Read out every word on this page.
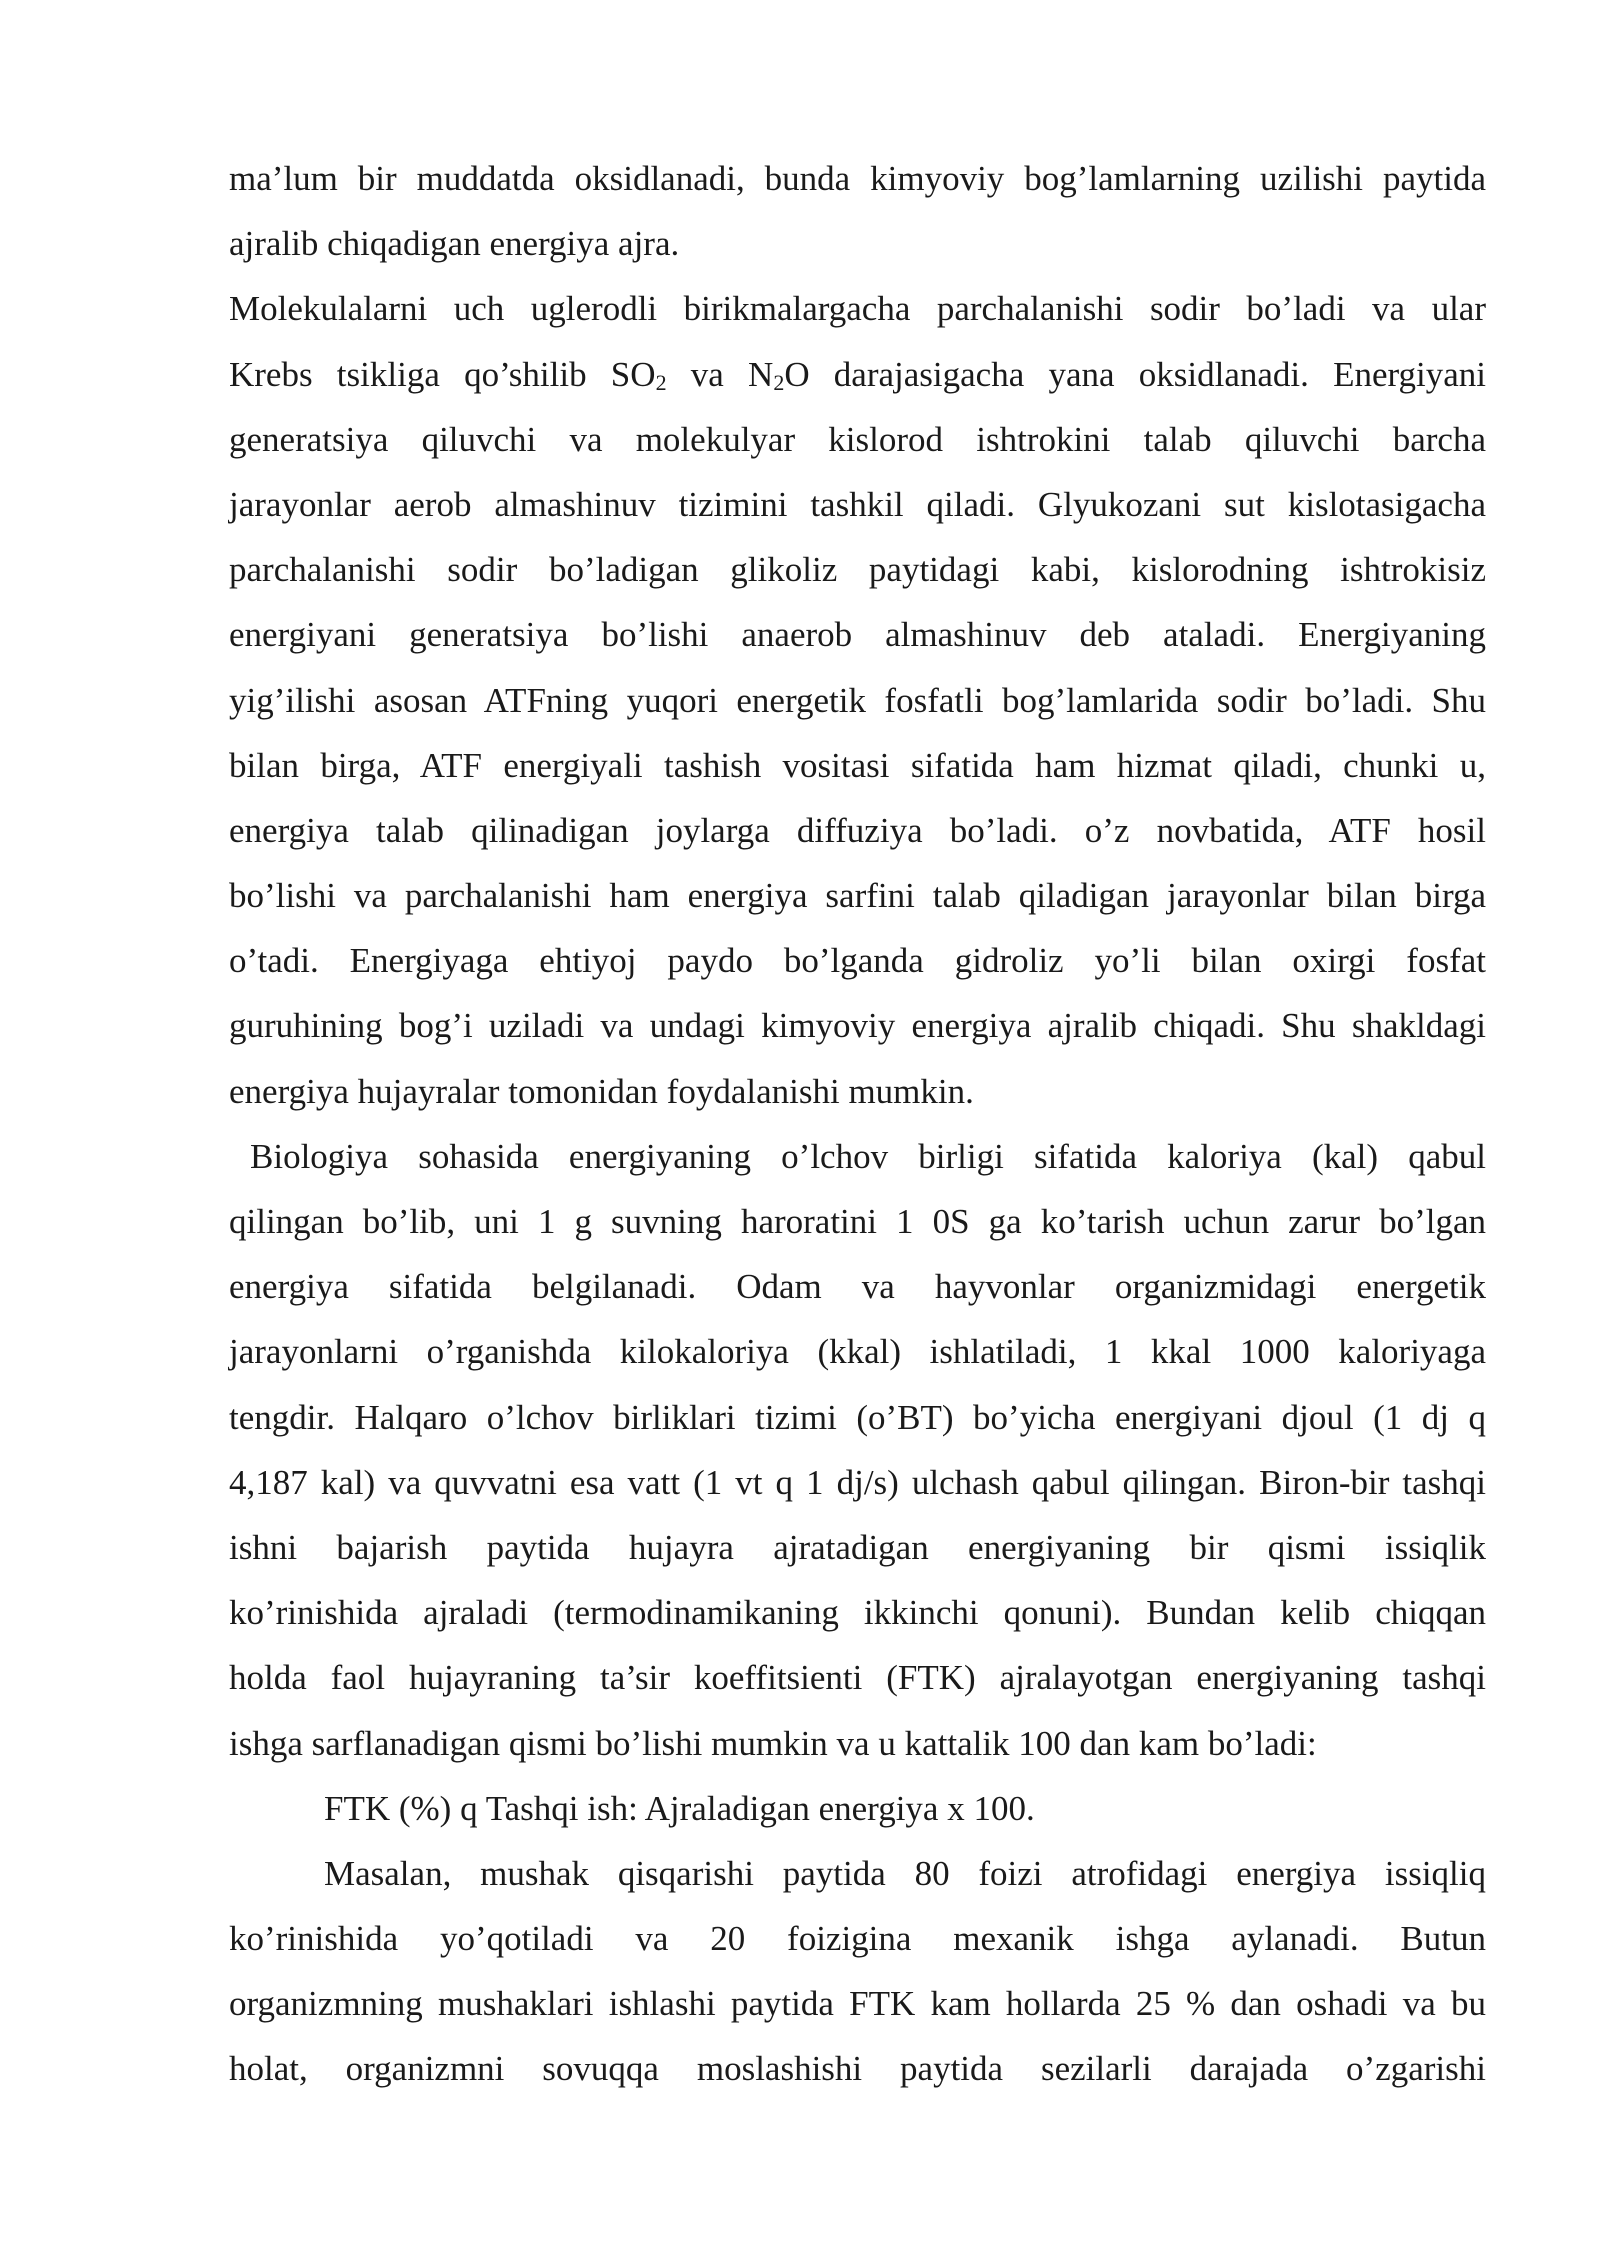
ma’lum bir muddatda oksidlanadi, bunda kimyoviy bog’lamlarning uzilishi paytida
ajralib chiqadigan energiya ajra.
Molekulalarni uch uglerodli birikmalargacha parchalanishi sodir bo’ladi va ular
Krebs tsikliga qo’shilib $SO_2$ va $N_2O$ darajasigacha yana oksidlanadi. Energiyani
generatsiya qiluvchi va molekulyar kislorod ishtrokini talab qiluvchi barcha
jarayonlar aerob almashinuv tizimini tashkil qiladi. Glyukozani sut kislotasigacha
parchalanishi sodir bo’ladigan glikoliz paytidagi kabi, kislorodning ishtrokisiz
energiyani generatsiya bo’lishi anaerob almashinuv deb ataladi. Energiyaning
yig’ilishi asosan ATFning yuqori energetik fosfatli bog’lamlarida sodir bo’ladi. Shu
bilan birga, ATF energiyali tashish vositasi sifatida ham hizmat qiladi, chunki u,
energiya talab qilinadigan joylarga diffuziya bo’ladi. o’z novbatida, ATF hosil
bo’lishi va parchalanishi ham energiya sarfini talab qiladigan jarayonlar bilan birga
o’tadi. Energiyaga ehtiyoj paydo bo’lganda gidroliz yo’li bilan oxirgi fosfat
guruhining bog’i uziladi va undagi kimyoviy energiya ajralib chiqadi. Shu shakldagi
energiya hujayralar tomonidan foydalanishi mumkin.
Biologiya sohasida energiyaning o’lchov birligi sifatida kaloriya (kal) qabul
qilingan bo’lib, uni 1 g suvning haroratini 1 0S ga ko’tarish uchun zarur bo’lgan
energiya sifatida belgilanadi. Odam va hayvonlar organizmidagi energetik
jarayonlarni o’rganishda kilokaloriya (kkal) ishlatiladi, 1 kkal 1000 kaloriyaga
tengdir. Halqaro o’lchov birliklari tizimi (o’BT) bo’yicha energiyani djoul (1 dj q
4,187 kal) va quvvatni esa vatt (1 vt q 1 dj/s) ulchash qabul qilingan. Biron-bir tashqi
ishni bajarish paytida hujayra ajratadigan energiyaning bir qismi issiqlik
ko’rinishida ajraladi (termodinamikaning ikkinchi qonuni). Bundan kelib chiqqan
holda faol hujayraning ta’sir koeffitsienti (FTK) ajralayotgan energiyaning tashqi
ishga sarflanadigan qismi bo’lishi mumkin va u kattalik 100 dan kam bo’ladi:
FTK (%) q Tashqi ish: Ajraladigan energiya x 100.
Masalan, mushak qisqarishi paytida 80 foizi atrofidagi energiya issiqliq
ko’rinishida yo’qotiladi va 20 foizigina mexanik ishga aylanadi. Butun
organizmning mushaklari ishlashi paytida FTK kam hollarda 25 % dan oshadi va bu
holat, organizmni sovuqqa moslashishi paytida sezilarli darajada o’zgarishi
